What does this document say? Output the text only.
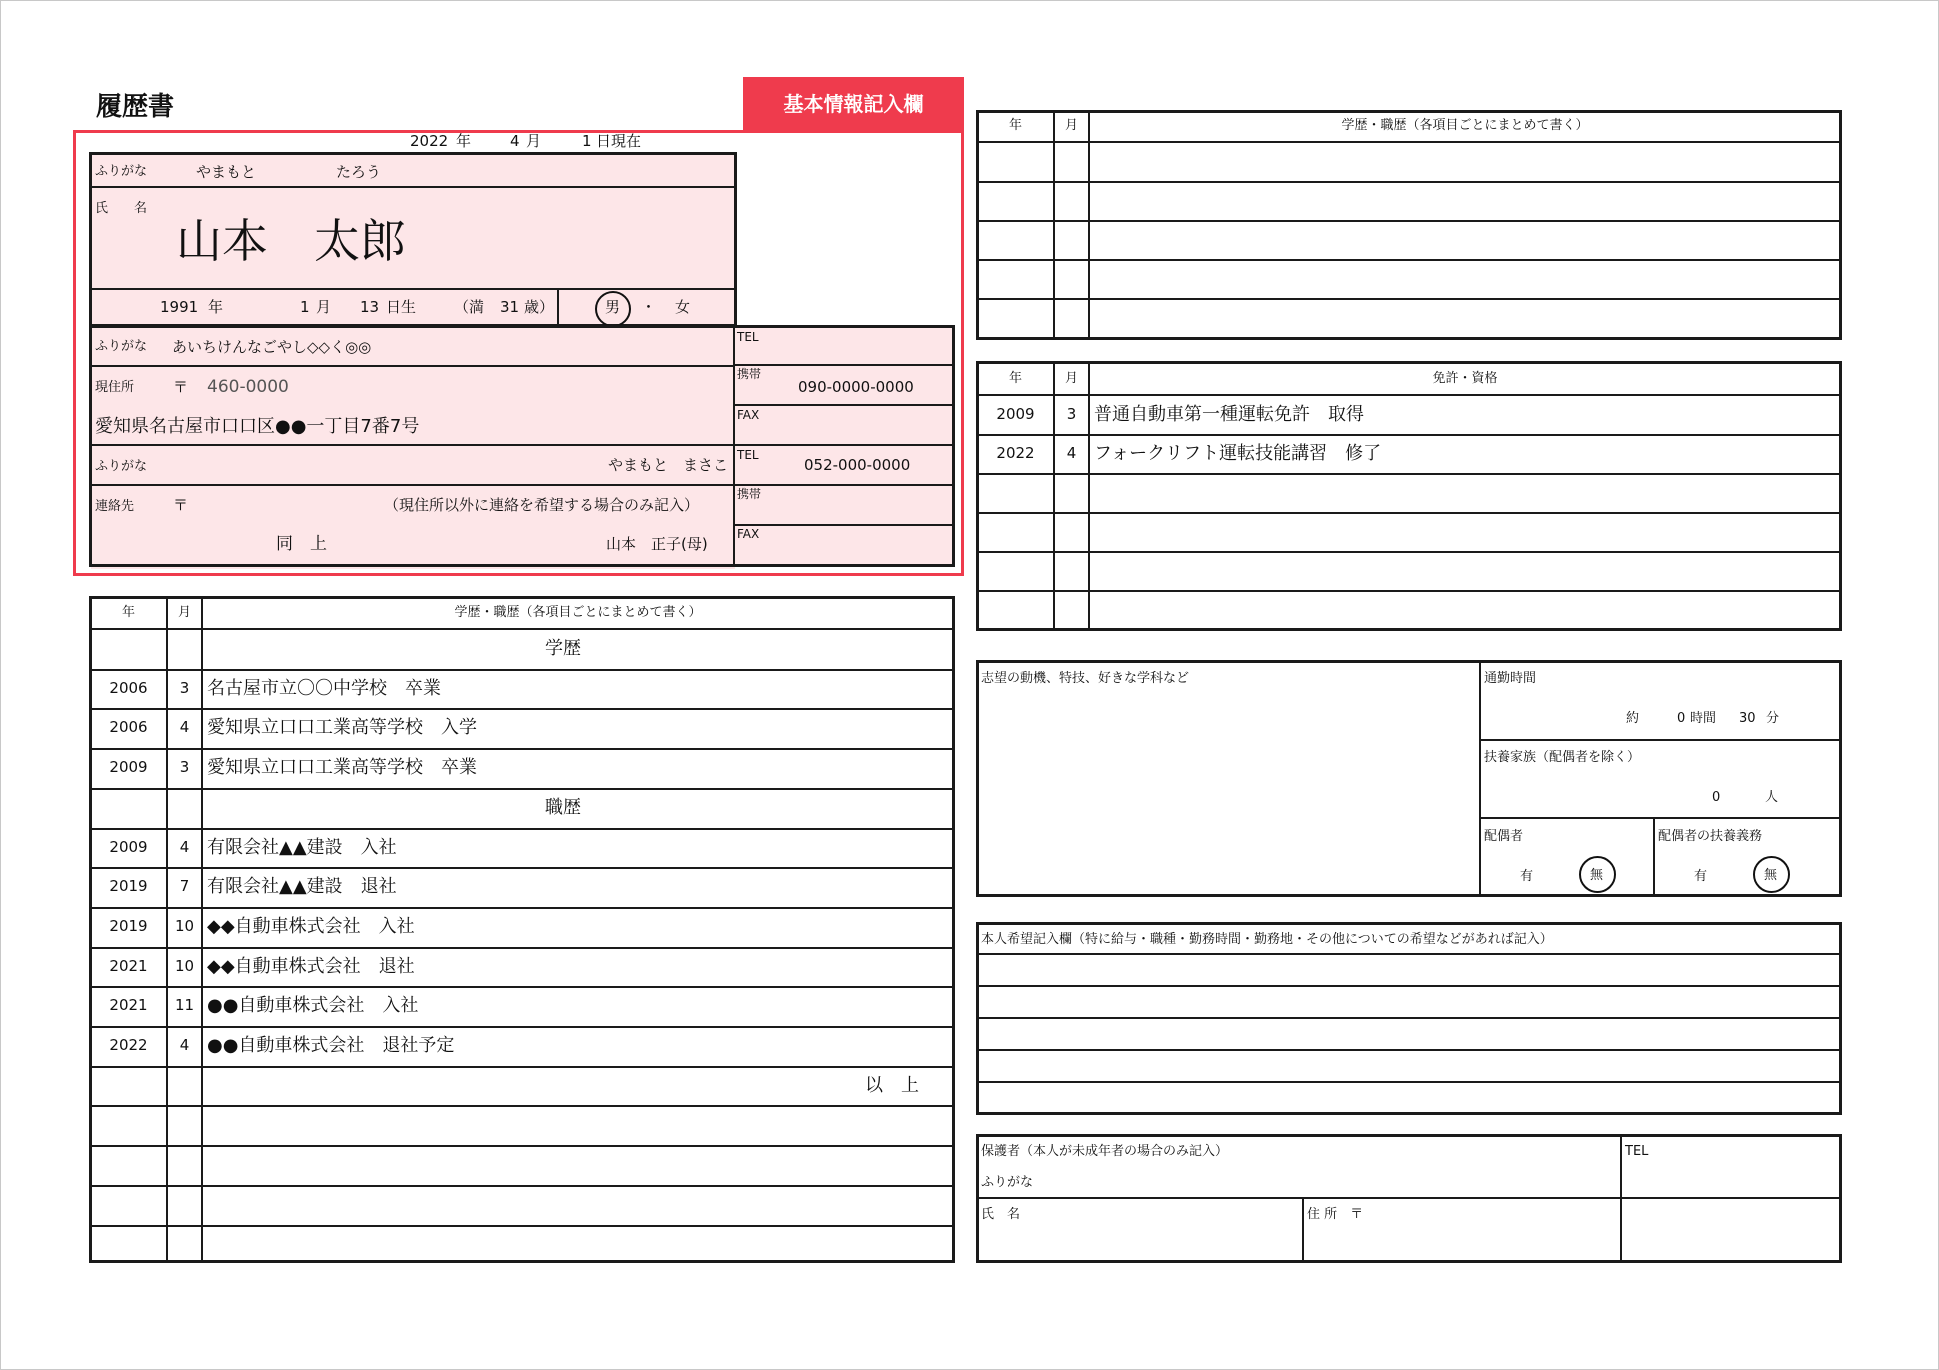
履歴書	基本情報記入欄
2022 年	4 月	1 日現在
ふりがな	やまもと	たろう
氏 名
山本　太郎
1991 年	1 月 13 日生	（満 31 歳）	男 ・ 女
ふりがな あいちけんなごやし◇◇く◎◎
現住所	〒 460-0000
愛知県名古屋市口口区●●一丁目7番7号
TEL
携帯
090-0000-0000
FAX
ふりがな	やまもと　まさこ
連絡先	〒	（現住所以外に連絡を希望する場合のみ記入）
同　上	山本　正子(母)
TEL
052-000-0000
携帯
FAX
年	月	学歴・職歴（各項目ごとにまとめて書く）
学歴
2006	3 名古屋市立〇〇中学校　卒業
2006	4 愛知県立口口工業高等学校　入学
2009	3 愛知県立口口工業高等学校　卒業
職歴
2009	4 有限会社▲▲建設　入社
2019	7 有限会社▲▲建設　退社
2019	10 ◆◆自動車株式会社　入社
2021	10 ◆◆自動車株式会社　退社
2021	11 ●●自動車株式会社　入社
2022	4 ●●自動車株式会社　退社予定
以　上
年	月	学歴・職歴（各項目ごとにまとめて書く）
年	月	免許・資格
2009	3 普通自動車第一種運転免許　取得
2022	4 フォークリフト運転技能講習　修了
志望の動機、特技、好きな学科など	通勤時間
約	0 時間 30 分
扶養家族（配偶者を除く）
0	人
配偶者
有	無
配偶者の扶養義務
有	無
本人希望記入欄（特に給与・職種・勤務時間・勤務地・その他についての希望などがあれば記入）
保護者（本人が未成年者の場合のみ記入）
ふりがな
氏　名	住 所　〒
TEL
